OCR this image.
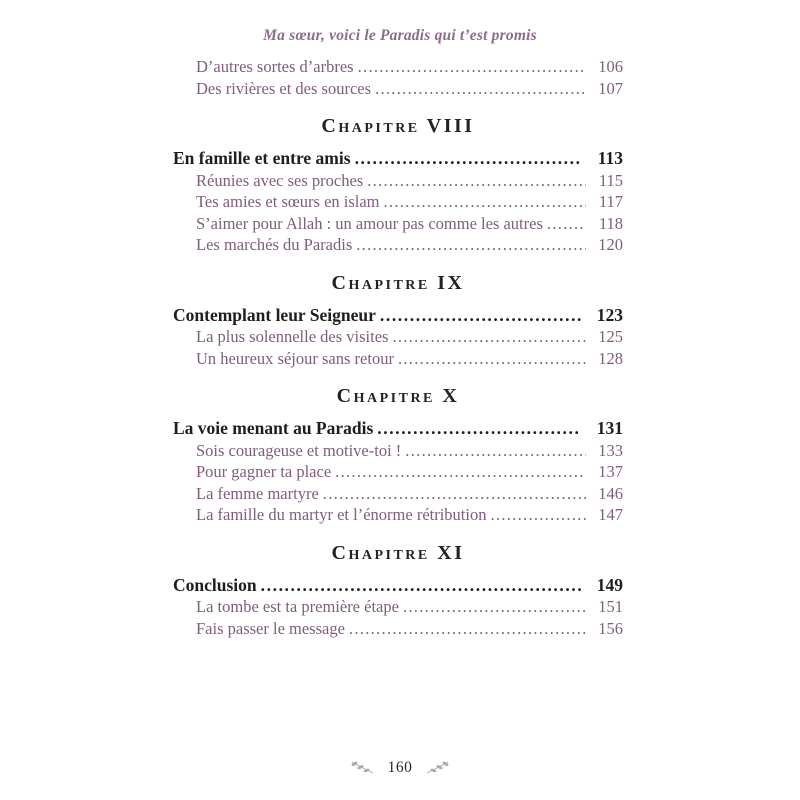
Ma sœur, voici le Paradis qui t’est promis
D’autres sortes d’arbres .....	106
Des rivières et des sources .....	107
Chapitre VIII
En famille et entre amis .....	113
Réunies avec ses proches .....	115
Tes amies et sœurs en islam .....	117
S’aimer pour Allah : un amour pas comme les autres .....	118
Les marchés du Paradis .....	120
Chapitre IX
Contemplant leur Seigneur .....	123
La plus solennelle des visites .....	125
Un heureux séjour sans retour .....	128
Chapitre X
La voie menant au Paradis .....	131
Sois courageuse et motive-toi ! .....	133
Pour gagner ta place .....	137
La femme martyre .....	146
La famille du martyr et l’énorme rétribution .....	147
Chapitre XI
Conclusion .....	149
La tombe est ta première étape .....	151
Fais passer le message .....	156
160
